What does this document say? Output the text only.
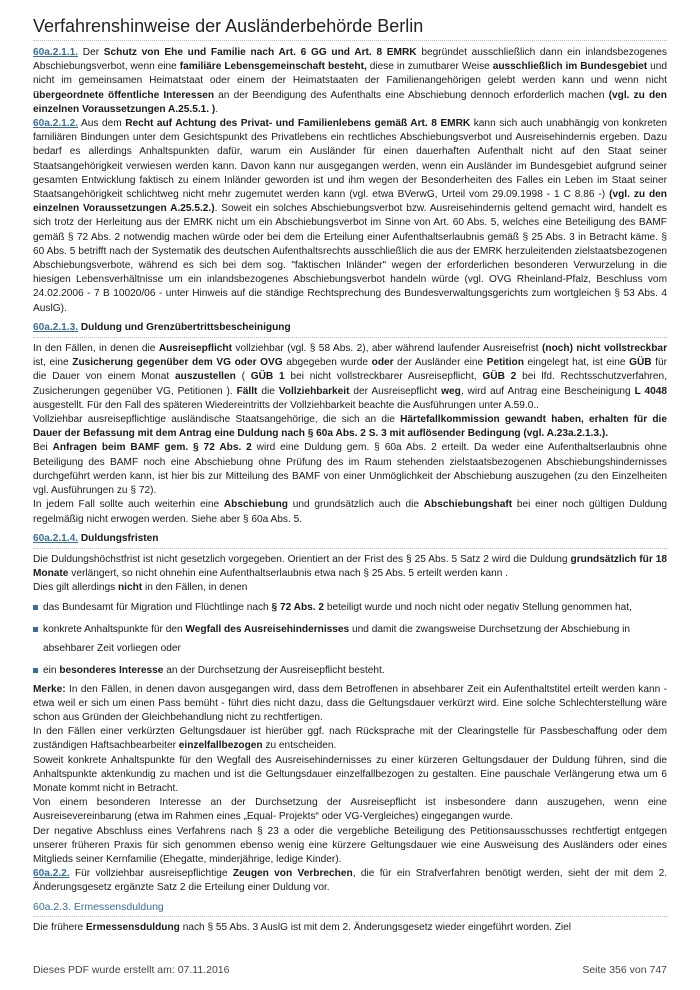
Verfahrenshinweise der Ausländerbehörde Berlin

60a.2.1.1. Der Schutz von Ehe und Familie nach Art. 6 GG und Art. 8 EMRK begründet ausschließlich dann ein inlandsbezogenes Abschiebungsverbot, wenn eine familiäre Lebensgemeinschaft besteht, diese in zumutbarer Weise ausschließlich im Bundesgebiet und nicht im gemeinsamen Heimatstaat oder einem der Heimatstaaten der Familienangehörigen gelebt werden kann und wenn nicht übergeordnete öffentliche Interessen an der Beendigung des Aufenthalts eine Abschiebung dennoch erforderlich machen (vgl. zu den einzelnen Voraussetzungen A.25.5.1. ).

60a.2.1.2. Aus dem Recht auf Achtung des Privat- und Familienlebens gemäß Art. 8 EMRK kann sich auch unabhängig von konkreten familiären Bindungen unter dem Gesichtspunkt des Privatlebens ein rechtliches Abschiebungsverbot und Ausreisehindernis ergeben. Dazu bedarf es allerdings Anhaltspunkten dafür, warum ein Ausländer für einen dauerhaften Aufenthalt nicht auf den Staat seiner Staatsangehörigkeit verwiesen werden kann. Davon kann nur ausgegangen werden, wenn ein Ausländer im Bundesgebiet aufgrund seiner gesamten Entwicklung faktisch zu einem Inländer geworden ist und ihm wegen der Besonderheiten des Falles ein Leben im Staat seiner Staatsangehörigkeit schlichtweg nicht mehr zugemutet werden kann (vgl. etwa BVerwG, Urteil vom 29.09.1998 - 1 C 8.86 -) (vgl. zu den einzelnen Voraussetzungen A.25.5.2.). Soweit ein solches Abschiebungsverbot bzw. Ausreisehindernis geltend gemacht wird, handelt es sich trotz der Herleitung aus der EMRK nicht um ein Abschiebungsverbot im Sinne von Art. 60 Abs. 5, welches eine Beteiligung des BAMF gemäß § 72 Abs. 2 notwendig machen würde oder bei dem die Erteilung einer Aufenthaltserlaubnis gemäß § 25 Abs. 3 in Betracht käme. § 60 Abs. 5 betrifft nach der Systematik des deutschen Aufenthaltsrechts ausschließlich die aus der EMRK herzuleitenden zielstaatsbezogenen Abschiebungsverbote, während es sich bei dem sog. "faktischen Inländer" wegen der erforderlichen besonderen Verwurzelung in die hiesigen Lebensverhältnisse um ein inlandsbezogenes Abschiebungsverbot handeln würde (vgl. OVG Rheinland-Pfalz, Beschluss vom 24.02.2006 - 7 B 10020/06 - unter Hinweis auf die ständige Rechtsprechung des Bundesverwaltungsgerichts zum wortgleichen § 53 Abs. 4 AuslG).

60a.2.1.3. Duldung und Grenzübertrittsbescheinigung

In den Fällen, in denen die Ausreisepflicht vollziehbar (vgl. § 58 Abs. 2), aber während laufender Ausreisefrist (noch) nicht vollstreckbar ist, eine Zusicherung gegenüber dem VG oder OVG abgegeben wurde oder der Ausländer eine Petition eingelegt hat, ist eine GÜB für die Dauer von einem Monat auszustellen ( GÜB 1 bei nicht vollstreckbarer Ausreisepflicht, GÜB 2 bei lfd. Rechtsschutzverfahren, Zusicherungen gegenüber VG, Petitionen ). Fällt die Vollziehbarkeit der Ausreisepflicht weg, wird auf Antrag eine Bescheinigung L 4048 ausgestellt. Für den Fall des späteren Wiedereintritts der Vollziehbarkeit beachte die Ausführungen unter A.59.0..

Vollziehbar ausreisepflichtige ausländische Staatsangehörige, die sich an die Härtefallkommission gewandt haben, erhalten für die Dauer der Befassung mit dem Antrag eine Duldung nach § 60a Abs. 2 S. 3 mit auflösender Bedingung (vgl. A.23a.2.1.3.).

Bei Anfragen beim BAMF gem. § 72 Abs. 2 wird eine Duldung gem. § 60a Abs. 2 erteilt. Da weder eine Aufenthaltserlaubnis ohne Beteiligung des BAMF noch eine Abschiebung ohne Prüfung des im Raum stehenden zielstaatsbezogenen Abschiebungshindernisses durchgeführt werden kann, ist hier bis zur Mitteilung des BAMF von einer Unmöglichkeit der Abschiebung auszugehen (zu den Einzelheiten vgl. Ausführungen zu § 72).

In jedem Fall sollte auch weiterhin eine Abschiebung und grundsätzlich auch die Abschiebungshaft bei einer noch gültigen Duldung regelmäßig nicht erwogen werden. Siehe aber § 60a Abs. 5.

60a.2.1.4. Duldungsfristen

Die Duldungshöchstfrist ist nicht gesetzlich vorgegeben. Orientiert an der Frist des § 25 Abs. 5 Satz 2 wird die Duldung grundsätzlich für 18 Monate verlängert, so nicht ohnehin eine Aufenthaltserlaubnis etwa nach § 25 Abs. 5 erteilt werden kann .

Dies gilt allerdings nicht in den Fällen, in denen

das Bundesamt für Migration und Flüchtlinge nach § 72 Abs. 2 beteiligt wurde und noch nicht oder negativ Stellung genommen hat,
konkrete Anhaltspunkte für den Wegfall des Ausreisehindernisses und damit die zwangsweise Durchsetzung der Abschiebung in absehbarer Zeit vorliegen oder
ein besonderes Interesse an der Durchsetzung der Ausreisepflicht besteht.

Merke: In den Fällen, in denen davon ausgegangen wird, dass dem Betroffenen in absehbarer Zeit ein Aufenthaltstitel erteilt werden kann - etwa weil er sich um einen Pass bemüht - führt dies nicht dazu, dass die Geltungsdauer verkürzt wird. Eine solche Schlechterstellung wäre schon aus Gründen der Gleichbehandlung nicht zu rechtfertigen.

In den Fällen einer verkürzten Geltungsdauer ist hierüber ggf. nach Rücksprache mit der Clearingstelle für Passbeschaffung oder dem zuständigen Haftsachbearbeiter einzelfallbezogen zu entscheiden.

Soweit konkrete Anhaltspunkte für den Wegfall des Ausreisehindernisses zu einer kürzeren Geltungsdauer der Duldung führen, sind die Anhaltspunkte aktenkundig zu machen und ist die Geltungsdauer einzelfallbezogen zu gestalten. Eine pauschale Verlängerung etwa um 6 Monate kommt nicht in Betracht.

Von einem besonderen Interesse an der Durchsetzung der Ausreisepflicht ist insbesondere dann auszugehen, wenn eine Ausreisevereinbarung (etwa im Rahmen eines „Equal- Projekts“ oder VG-Vergleiches) eingegangen wurde.

Der negative Abschluss eines Verfahrens nach § 23 a oder die vergebliche Beteiligung des Petitionsausschusses rechtfertigt entgegen unserer früheren Praxis für sich genommen ebenso wenig eine kürzere Geltungsdauer wie eine Ausweisung des Ausländers oder eines Mitglieds seiner Kernfamilie (Ehegatte, minderjährige, ledige Kinder).

60a.2.2. Für vollziehbar ausreisepflichtige Zeugen von Verbrechen, die für ein Strafverfahren benötigt werden, sieht der mit dem 2. Änderungsgesetz ergänzte Satz 2 die Erteilung einer Duldung vor.

60a.2.3. Ermessensduldung

Die frühere Ermessensduldung nach § 55 Abs. 3 AuslG ist mit dem 2. Änderungsgesetz wieder eingeführt worden. Ziel

Dieses PDF wurde erstellt am: 07.11.2016	Seite 356 von 747
